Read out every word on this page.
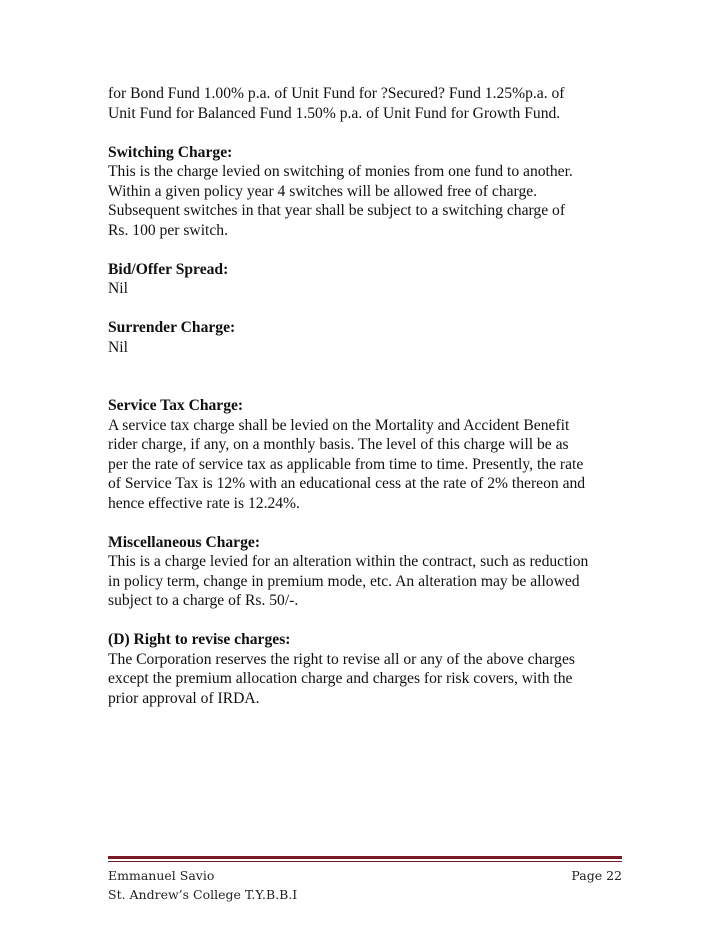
for Bond Fund 1.00% p.a. of Unit Fund for ?Secured? Fund 1.25%p.a. of
Unit Fund for Balanced Fund 1.50% p.a. of Unit Fund for Growth Fund.
Switching Charge:
This is the charge levied on switching of monies from one fund to another.
Within a given policy year 4 switches will be allowed free of charge.
Subsequent switches in that year shall be subject to a switching charge of
Rs. 100 per switch.
Bid/Offer Spread:
Nil
Surrender Charge:
Nil
Service Tax Charge:
A service tax charge shall be levied on the Mortality and Accident Benefit
rider charge, if any, on a monthly basis. The level of this charge will be as
per the rate of service tax as applicable from time to time. Presently, the rate
of Service Tax is 12% with an educational cess at the rate of 2% thereon and
hence effective rate is 12.24%.
Miscellaneous Charge:
This is a charge levied for an alteration within the contract, such as reduction
in policy term, change in premium mode, etc. An alteration may be allowed
subject to a charge of Rs. 50/-.
(D) Right to revise charges:
The Corporation reserves the right to revise all or any of the above charges
except the premium allocation charge and charges for risk covers, with the
prior approval of IRDA.
Emmanuel Savio	Page 22
St. Andrew’s College T.Y.B.B.I
